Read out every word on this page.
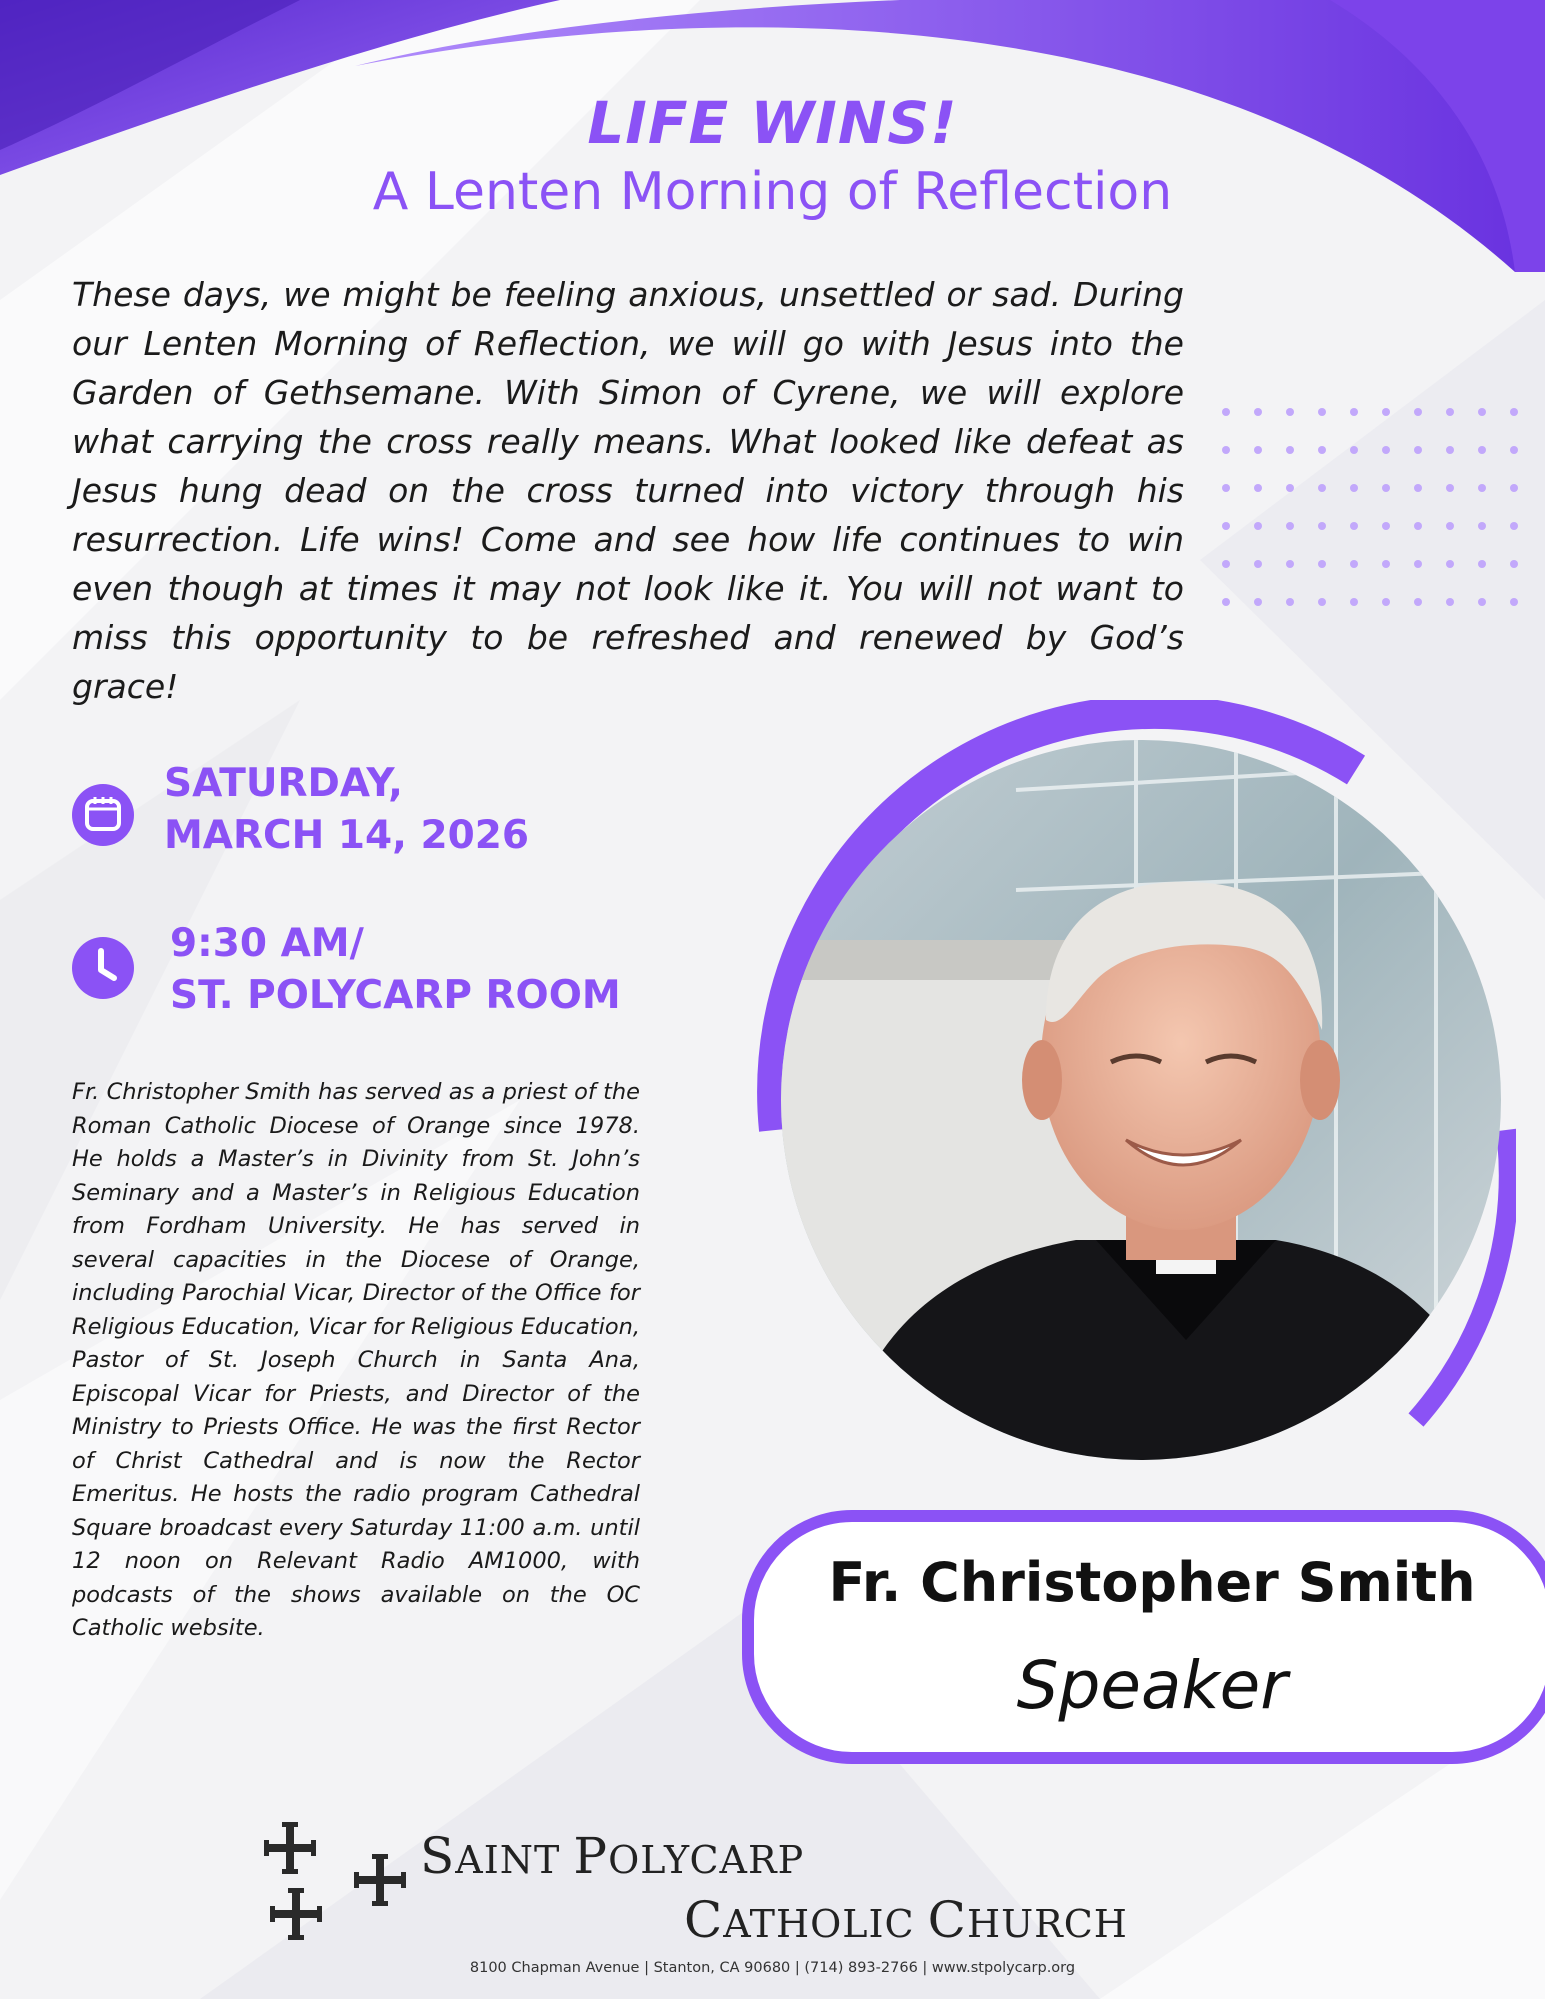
LIFE WINS!
A Lenten Morning of Reflection
These days, we might be feeling anxious, unsettled or sad. During our Lenten Morning of Reflection, we will go with Jesus into the Garden of Gethsemane. With Simon of Cyrene, we will explore what carrying the cross really means. What looked like defeat as Jesus hung dead on the cross turned into victory through his resurrection. Life wins! Come and see how life continues to win even though at times it may not look like it. You will not want to miss this opportunity to be refreshed and renewed by God’s grace!
SATURDAY,
MARCH 14, 2026
9:30 AM/
ST. POLYCARP ROOM
Fr. Christopher Smith has served as a priest of the Roman Catholic Diocese of Orange since 1978. He holds a Master’s in Divinity from St. John’s Seminary and a Master’s in Religious Education from Fordham University. He has served in several capacities in the Diocese of Orange, including Parochial Vicar, Director of the Office for Religious Education, Vicar for Religious Education, Pastor of St. Joseph Church in Santa Ana, Episcopal Vicar for Priests, and Director of the Ministry to Priests Office. He was the first Rector of Christ Cathedral and is now the Rector Emeritus. He hosts the radio program Cathedral Square broadcast every Saturday 11:00 a.m. until 12 noon on Relevant Radio AM1000, with podcasts of the shows available on the OC Catholic website.
Fr. Christopher Smith
Speaker
SAINT POLYCARP
CATHOLIC CHURCH
8100 Chapman Avenue | Stanton, CA 90680 | (714) 893-2766 | www.stpolycarp.org
